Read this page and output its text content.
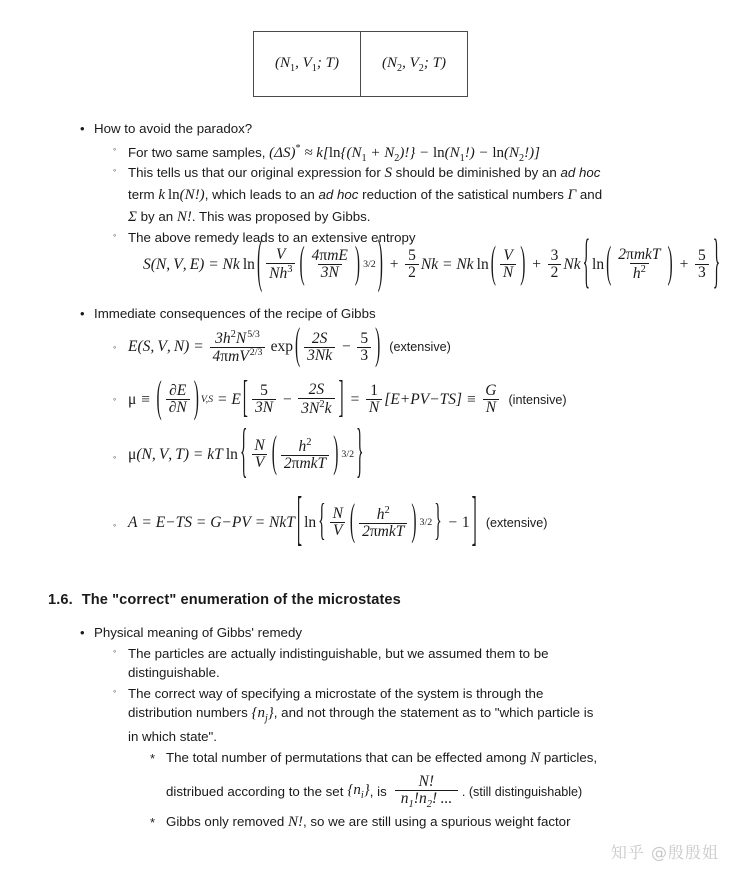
($N_1$, $V_1$; T)	($N_2$, $V_2$; T)
• How to avoid the paradox?
◦ For two same samples, $(\Delta S)^* \approx k[\ln\{(N_1 + N_2)!\} - \ln(N_1!) - \ln(N_2!)]$
◦ This tells us that our original expression for S should be diminished by an ad hoc
term k  ln(N!), which leads to an ad hoc reduction of the satistical numbers Γ and
Σ by an N!. This was proposed by Gibbs.
◦ The above remedy leads to an extensive entropy
S ( N ,  V ,  E ) = Nk
  ln ( $\frac{V}{Nh^3}$ ( $\frac{\text{4πmE}}{3N}$ ) 3/2 ) + $\frac{5}{2}$ Nk = Nk
  ln ( $\frac{V}{N}$ ) + $\frac{3}{2}$ Nk { ln ( $\frac{\text{2πmkT}}{h^2}$ ) + $\frac{5}{3}$ }
• Immediate consequences of the recipe of Gibbs
◦ E ( S ,  V ,  N ) = $\frac{3h^2N^{5/3}}{4\pi mV^{2/3}}$
  exp ( $\frac{2S}{3Nk} - \frac{5}{3}$ ) (extensive)
◦ μ ≡ ( $\frac{\partial E}{\partial N}$ ) V,S = E [ $\frac{5}{3N} - \frac{2S}{3N^2k}$ ] = $\frac{1}{N}$ [ E + PV − TS ] ≡ $\frac{G}{N}$ (intensive)
◦ μ ( N ,  V ,  T ) = kT
  ln { $\frac{N}{V}$ ( $\frac{h^2}{\text{2πmkT}}$ ) 3/2 }
◦ A = E − TS = G − PV = NkT [ ln { $\frac{N}{V}$ ( $\frac{h^2}{\text{2πmkT}}$ ) 3/2 } − 1 ] (extensive)
1.6. The "correct" enumeration of the microstates
• Physical meaning of Gibbs' remedy
◦ The particles are actually indistinguishable, but we assumed them to be
distinguishable.
◦ The correct way of specifying a microstate of the system is through the
distribution numbers $\{n_j\}$, and not through the statement as to "which particle is
in which state".
* The total number of permutations that can be effected among N particles,
distribued according to the set $\{n_i\}$ , is $\frac{N!}{n_1!n_2! ...}$ . (still distinguishable)
* Gibbs only removed N!, so we are still using a spurious weight factor
知乎 @殷殷姐
